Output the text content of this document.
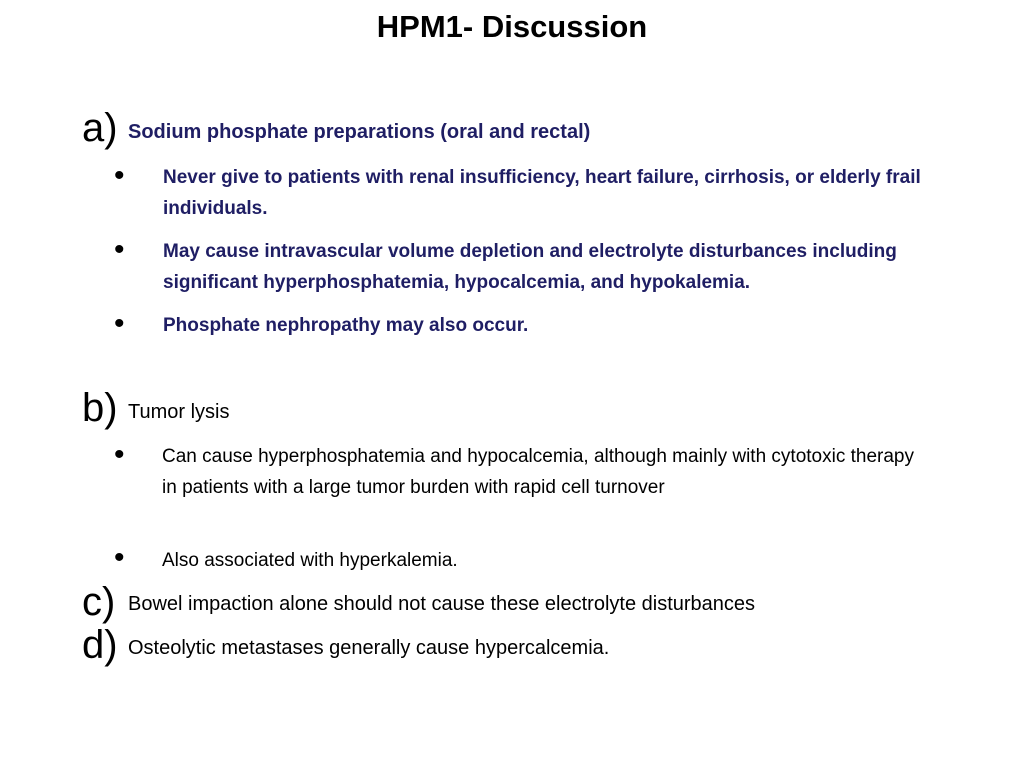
HPM1- Discussion
a) Sodium phosphate preparations (oral and rectal)
• Never give to patients with renal insufficiency, heart failure, cirrhosis, or elderly frail individuals.
• May cause intravascular volume depletion and electrolyte disturbances including significant hyperphosphatemia, hypocalcemia, and hypokalemia.
• Phosphate nephropathy may also occur.
b) Tumor lysis
• Can cause hyperphosphatemia and hypocalcemia, although mainly with cytotoxic therapy in patients with a large tumor burden with rapid cell turnover
• Also associated with hyperkalemia.
c) Bowel impaction alone should not cause these electrolyte disturbances
d) Osteolytic metastases generally cause hypercalcemia.
